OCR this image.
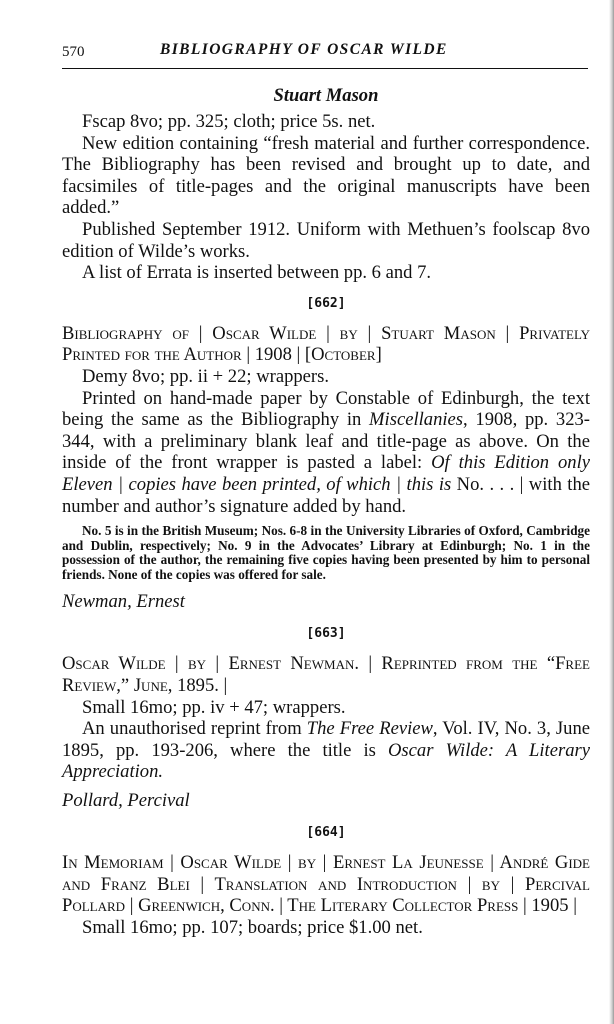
570	BIBLIOGRAPHY OF OSCAR WILDE
Stuart Mason

Fscap 8vo; pp. 325; cloth; price 5s. net.

New edition containing “fresh material and further correspondence. The Bibliography has been revised and brought up to date, and facsimiles of title-pages and the original manuscripts have been added.”

Published September 1912. Uniform with Methuen’s foolscap 8vo edition of Wilde’s works.

A list of Errata is inserted between pp. 6 and 7.

[662]

Bibliography of | Oscar Wilde | by | Stuart Mason | Privately Printed for the Author | 1908 | [October]

Demy 8vo; pp. ii + 22; wrappers.

Printed on hand-made paper by Constable of Edinburgh, the text being the same as the Bibliography in Miscellanies, 1908, pp. 323-344, with a preliminary blank leaf and title-page as above. On the inside of the front wrapper is pasted a label: Of this Edition only Eleven | copies have been printed, of which | this is No. . . . | with the number and author’s signature added by hand.

No. 5 is in the British Museum; Nos. 6-8 in the University Libraries of Oxford, Cambridge and Dublin, respectively; No. 9 in the Advocates’ Library at Edinburgh; No. 1 in the possession of the author, the remaining five copies having been presented by him to personal friends. None of the copies was offered for sale.

Newman, Ernest
[663]

Oscar Wilde | by | Ernest Newman. | Reprinted from the “Free Review,” June, 1895. |

Small 16mo; pp. iv + 47; wrappers.

An unauthorised reprint from The Free Review, Vol. IV, No. 3, June 1895, pp. 193-206, where the title is Oscar Wilde: A Literary Appreciation.

Pollard, Percival
[664]

In Memoriam | Oscar Wilde | by | Ernest La Jeunesse | André Gide and Franz Blei | Translation and Introduction | by | Percival Pollard | Greenwich, Conn. | The Literary Collector Press | 1905 |

Small 16mo; pp. 107; boards; price $1.00 net.
